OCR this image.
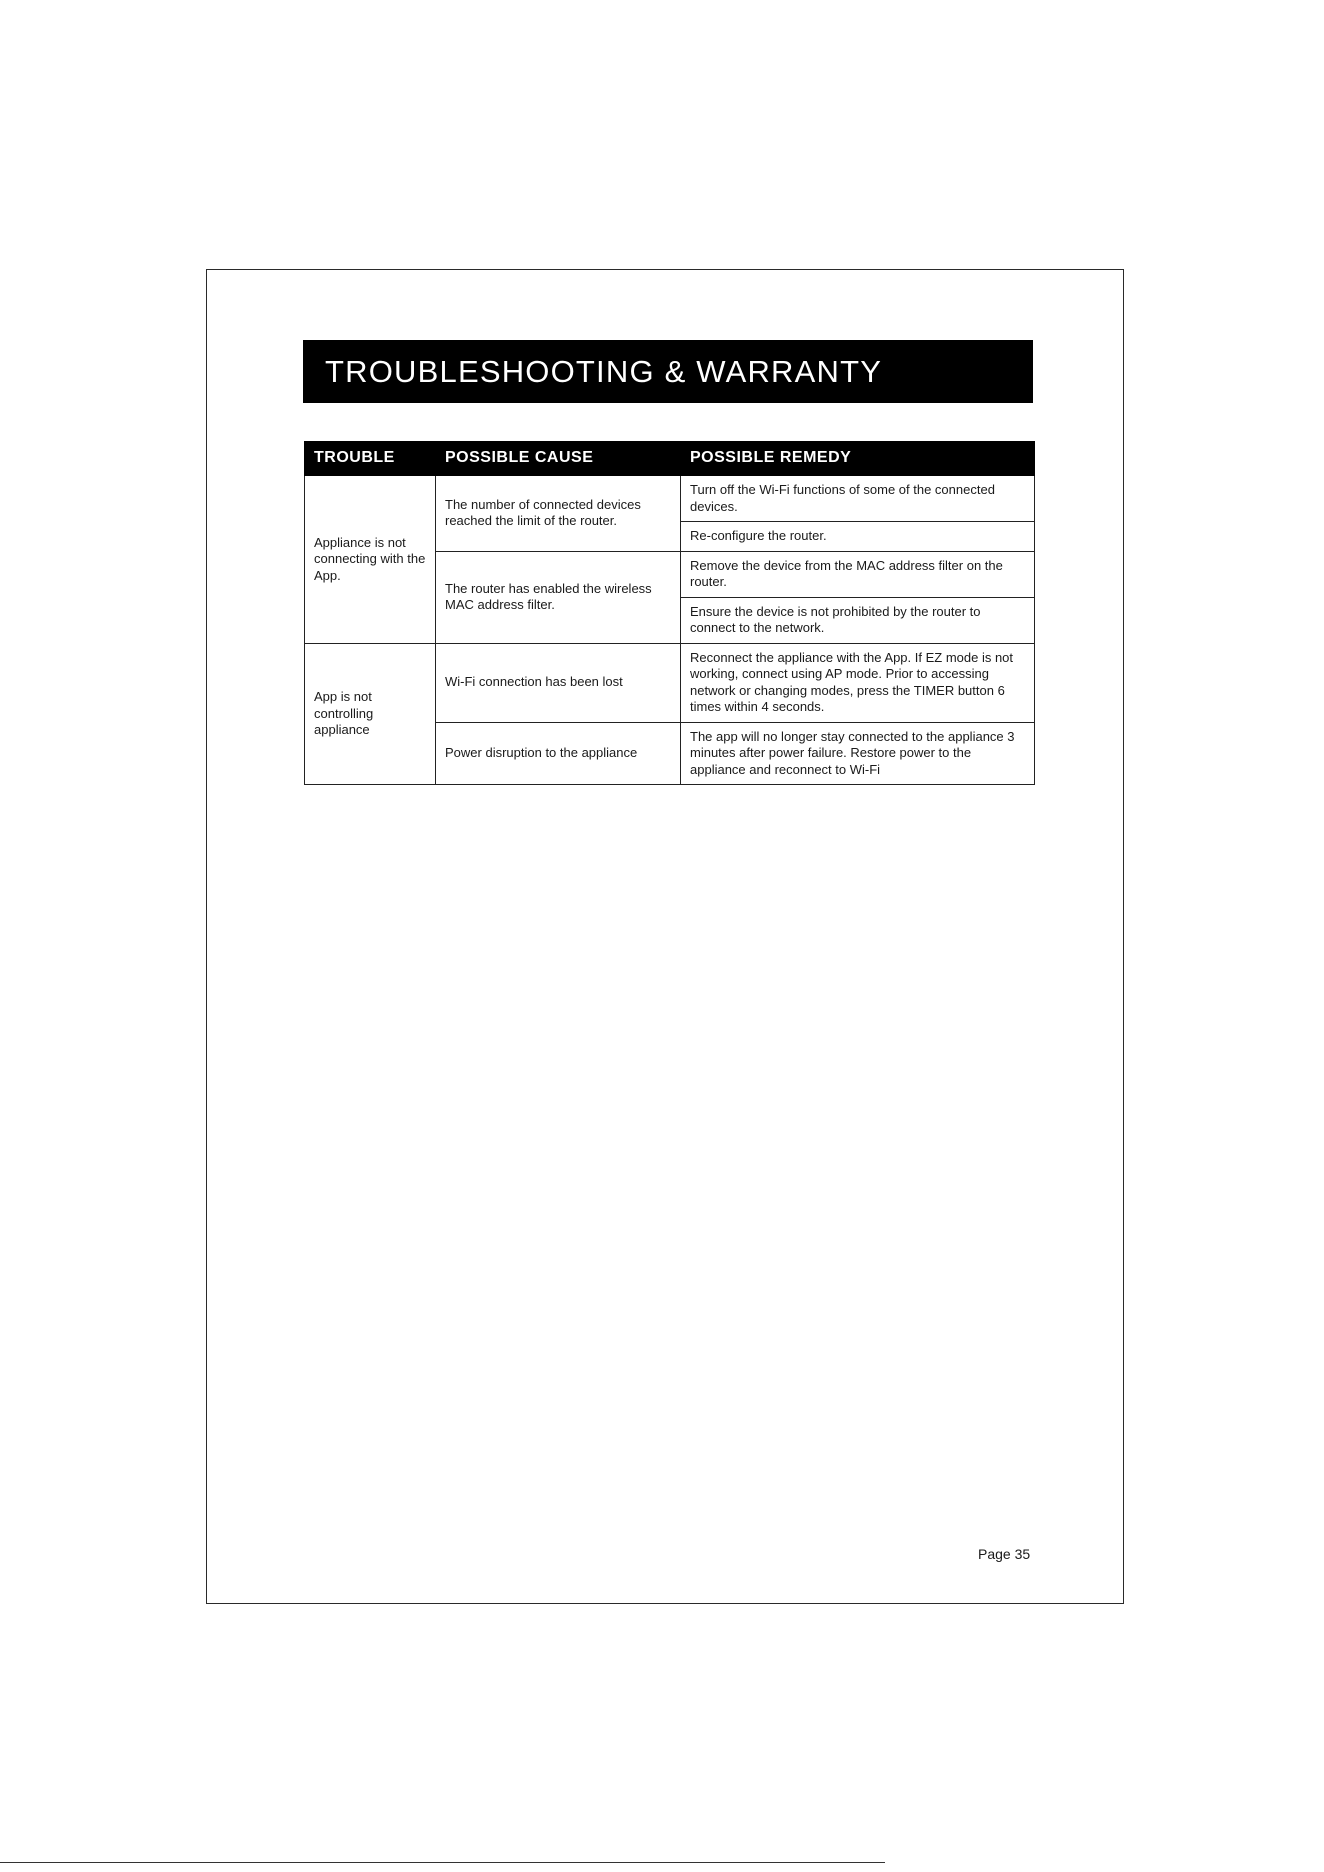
TROUBLESHOOTING & WARRANTY
TROUBLE	POSSIBLE CAUSE	POSSIBLE REMEDY
Appliance is not connecting with the App.	The number of connected devices reached the limit of the router.	Turn off the Wi-Fi functions of some of the connected devices.
		Re-configure the router.
	The router has enabled the wireless MAC address filter.	Remove the device from the MAC address filter on the router.
		Ensure the device is not prohibited by the router to connect to the network.
App is not controlling appliance	Wi-Fi connection has been lost	Reconnect the appliance with the App. If EZ mode is not working, connect using AP mode. Prior to accessing network or changing modes, press the TIMER button 6 times within 4 seconds.
	Power disruption to the appliance	The app will no longer stay connected to the appliance 3 minutes after power failure. Restore power to the appliance and reconnect to Wi-Fi
Page 35
